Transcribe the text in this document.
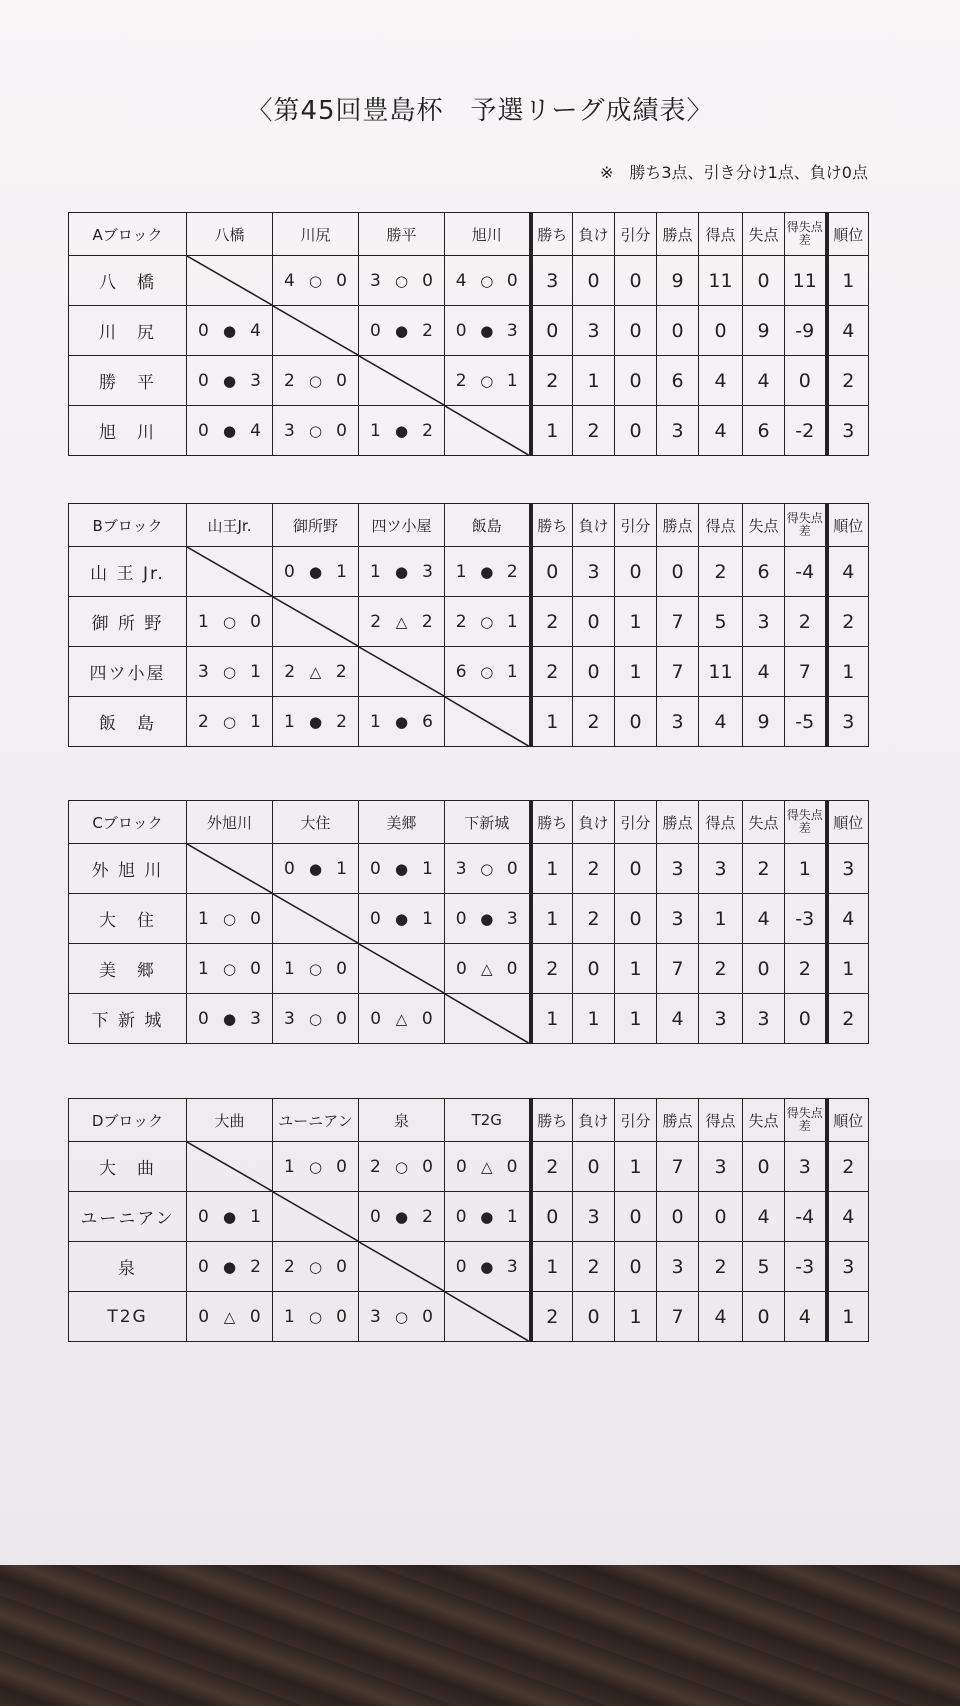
〈第45回豊島杯　予選リーグ成績表〉
※　勝ち3点、引き分け1点、負け0点
Aブロック	八橋	川尻	勝平	旭川	勝ち	負け	引分	勝点	得点	失点	得失点差	順位
八　橋		4 ○ 0	3 ○ 0	4 ○ 0	3	0	0	9	11	0	11	1
川　尻	0 ● 4		0 ● 2	0 ● 3	0	3	0	0	0	9	-9	4
勝　平	0 ● 3	2 ○ 0		2 ○ 1	2	1	0	6	4	4	0	2
旭　川	0 ● 4	3 ○ 0	1 ● 2		1	2	0	3	4	6	-2	3
Bブロック	山王Jr.	御所野	四ツ小屋	飯島	勝ち	負け	引分	勝点	得点	失点	得失点差	順位
山 王 Jr.		0 ● 1	1 ● 3	1 ● 2	0	3	0	0	2	6	-4	4
御 所 野	1 ○ 0		2 △ 2	2 ○ 1	2	0	1	7	5	3	2	2
四ツ小屋	3 ○ 1	2 △ 2		6 ○ 1	2	0	1	7	11	4	7	1
飯　島	2 ○ 1	1 ● 2	1 ● 6		1	2	0	3	4	9	-5	3
Cブロック	外旭川	大住	美郷	下新城	勝ち	負け	引分	勝点	得点	失点	得失点差	順位
外 旭 川		0 ● 1	0 ● 1	3 ○ 0	1	2	0	3	3	2	1	3
大　住	1 ○ 0		0 ● 1	0 ● 3	1	2	0	3	1	4	-3	4
美　郷	1 ○ 0	1 ○ 0		0 △ 0	2	0	1	7	2	0	2	1
下 新 城	0 ● 3	3 ○ 0	0 △ 0		1	1	1	4	3	3	0	2
Dブロック	大曲	ユーニアン	泉	T2G	勝ち	負け	引分	勝点	得点	失点	得失点差	順位
大　曲		1 ○ 0	2 ○ 0	0 △ 0	2	0	1	7	3	0	3	2
ユーニアン	0 ● 1		0 ● 2	0 ● 1	0	3	0	0	0	4	-4	4
泉	0 ● 2	2 ○ 0		0 ● 3	1	2	0	3	2	5	-3	3
T2G	0 △ 0	1 ○ 0	3 ○ 0		2	0	1	7	4	0	4	1
